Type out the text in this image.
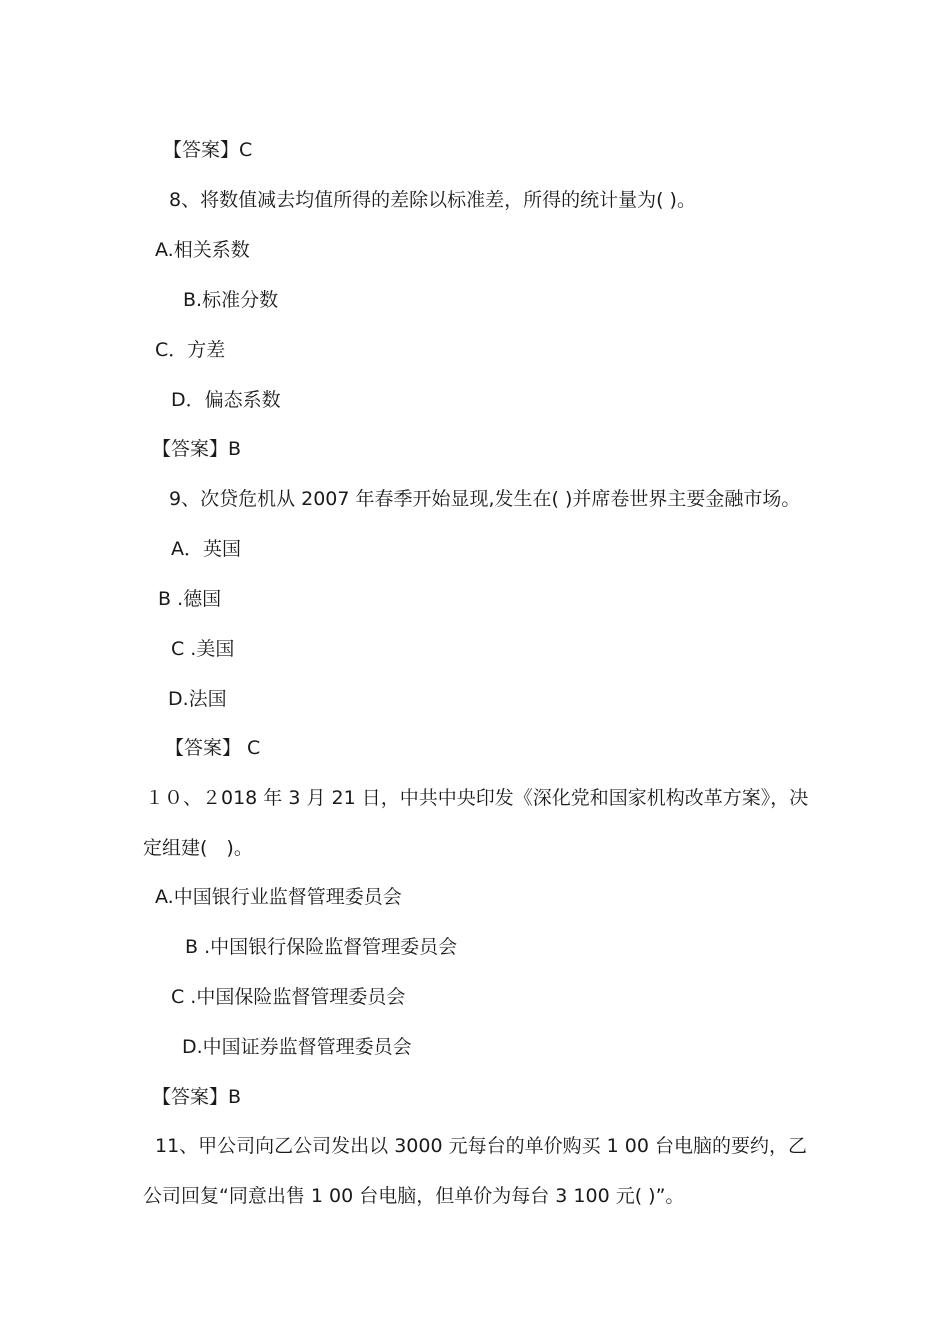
【答案】C
8、将数值减去均值所得的差除以标准差，所得的统计量为( )。
A.相关系数
B.标准分数
C．方差
D．偏态系数
【答案】B
9、次贷危机从 2007 年春季开始显现,发生在( )并席卷世界主要金融市场。
A．英国
B .德国
C .美国
D.法国
【答案】 C
１０、２018 年 3 月 21 日，中共中央印发《深化党和国家机构改革方案》，决
定组建(　)。
A.中国银行业监督管理委员会
B .中国银行保险监督管理委员会
C .中国保险监督管理委员会
D.中国证券监督管理委员会
【答案】B
11、甲公司向乙公司发出以 3000 元每台的单价购买 1 00 台电脑的要约，乙
公司回复“同意出售 1 00 台电脑，但单价为每台 3 100 元( )”。
